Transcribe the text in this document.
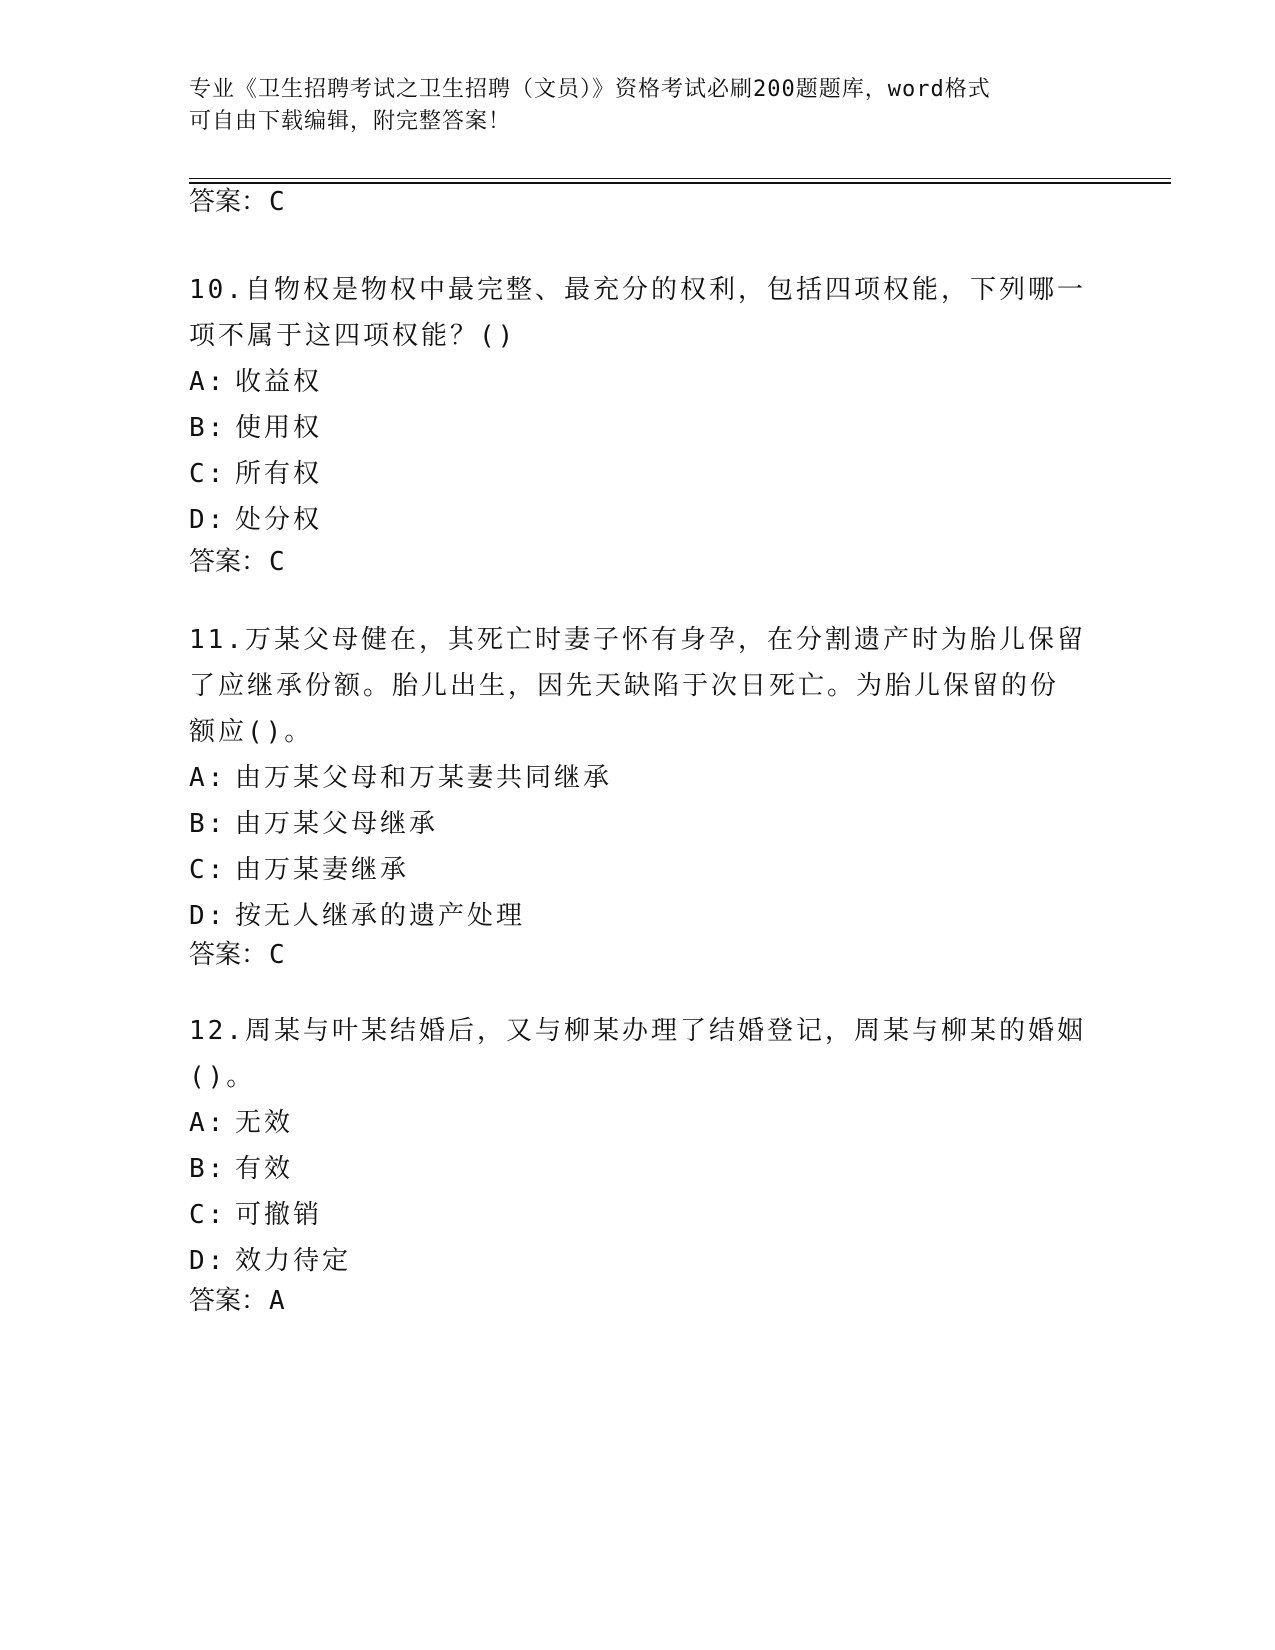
专业《卫生招聘考试之卫生招聘（文员）》资格考试必刷200题题库，word格式
可自由下载编辑，附完整答案！
答案：C
10.自物权是物权中最完整、最充分的权利，包括四项权能，下列哪一
项不属于这四项权能？()
A: 收益权
B: 使用权
C: 所有权
D: 处分权
答案：C
11.万某父母健在，其死亡时妻子怀有身孕，在分割遗产时为胎儿保留
了应继承份额。胎儿出生，因先天缺陷于次日死亡。为胎儿保留的份
额应()。
A: 由万某父母和万某妻共同继承
B: 由万某父母继承
C: 由万某妻继承
D: 按无人继承的遗产处理
答案：C
12.周某与叶某结婚后，又与柳某办理了结婚登记，周某与柳某的婚姻
()。
A: 无效
B: 有效
C: 可撤销
D: 效力待定
答案：A
